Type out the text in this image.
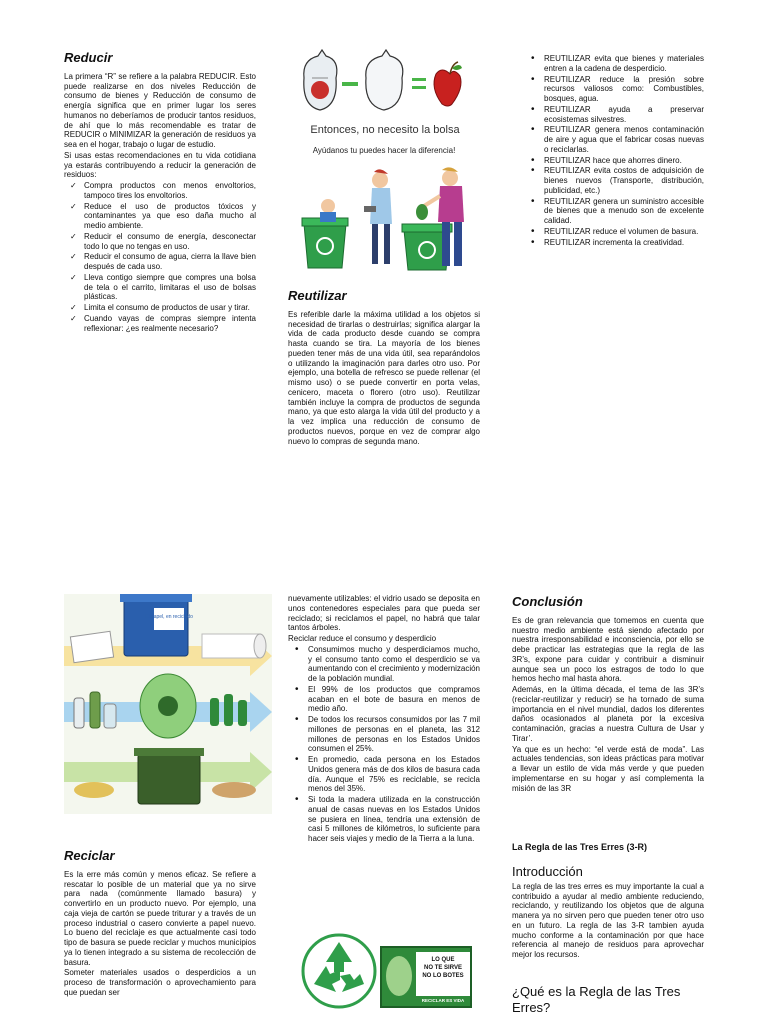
Reducir

La primera “R” se refiere a la palabra REDUCIR. Esto puede realizarse en dos niveles Reducción de consumo de bienes y Reducción de consumo de energía significa que en primer lugar los seres humanos no deberíamos de producir tantos residuos, de ahí que lo más recomendable es tratar de REDUCIR o MINIMIZAR la generación de residuos ya sea en el hogar, trabajo o lugar de estudio.

Si usas estas recomendaciones en tu vida cotidiana ya estarás contribuyendo a reducir la generación de residuos:

✓ Compra productos con menos envoltorios, tampoco tires los envoltorios.
✓ Reduce el uso de productos tóxicos y contaminantes ya que eso daña mucho al medio ambiente.
✓ Reducir el consumo de energía, desconectar todo lo que no tengas en uso.
✓ Reducir el consumo de agua, cierra la llave bien después de cada uso.
✓ Lleva contigo siempre que compres una bolsa de tela o el carrito, limitaras el uso de bolsas plásticas.
✓ Limita el consumo de productos de usar y tirar.
✓ Cuando vayas de compras siempre intenta reflexionar: ¿es realmente necesario?
Entonces, no necesito la bolsa
Ayúdanos tu puedes hacer la diferencia!
Reutilizar

Es referible darle la máxima utilidad a los objetos si necesidad de tirarlas o destruirlas; significa alargar la vida de cada producto desde cuando se compra hasta cuando se tira. La mayoría de los bienes pueden tener más de una vida útil, sea reparándolos o utilizando la imaginación para darles otro uso. Por ejemplo, una botella de refresco se puede rellenar (el mismo uso) o se puede convertir en porta velas, cenicero, maceta o florero (otro uso). Reutilizar también incluye la compra de productos de segunda mano, ya que esto alarga la vida útil del producto y a la vez implica una reducción de consumo de productos nuevos, porque en vez de comprar algo nuevo lo compras de segunda mano.

• REUTILIZAR evita que bienes y materiales entren a la cadena de desperdicio.
• REUTILIZAR reduce la presión sobre recursos valiosos como: Combustibles, bosques, agua.
• REUTILIZAR ayuda a preservar ecosistemas silvestres.
• REUTILIZAR genera menos contaminación de aire y agua que el fabricar cosas nuevas o reciclarlas.
• REUTILIZAR hace que ahorres dinero.
• REUTILIZAR evita costos de adquisición de bienes nuevos (Transporte, distribución, publicidad, etc.)
• REUTILIZAR genera un suministro accesible de bienes que a menudo son de excelente calidad.
• REUTILIZAR reduce el volumen de basura.
• REUTILIZAR incrementa la creatividad.
El papel, en reciclado
Reciclar

Es la erre más común y menos eficaz. Se refiere a rescatar lo posible de un material que ya no sirve para nada (comúnmente llamado basura) y convertirlo en un producto nuevo. Por ejemplo, una caja vieja de cartón se puede triturar y a través de un proceso industrial o casero convierte a papel nuevo. Lo bueno del reciclaje es que actualmente casi todo tipo de basura se puede reciclar y muchos municipios ya lo tienen integrado a su sistema de recolección de basura.

Someter materiales usados o desperdicios a un proceso de transformación o aprovechamiento para que puedan ser

nuevamente utilizables: el vidrio usado se deposita en unos contenedores especiales para que pueda ser reciclado; si reciclamos el papel, no habrá que talar tantos árboles.

Reciclar reduce el consumo y desperdicio

• Consumimos mucho y desperdiciamos mucho, y el consumo tanto como el desperdicio se va aumentando con el crecimiento y modernización de la población mundial.
• El 99% de los productos que compramos acaban en el bote de basura en menos de medio año.
• De todos los recursos consumidos por las 7 mil millones de personas en el planeta, las 312 millones de personas en los Estados Unidos consumen el 25%.
• En promedio, cada persona en los Estados Unidos genera más de dos kilos de basura cada día. Aunque el 75% es reciclable, se recicla menos del 35%.
• Si toda la madera utilizada en la construcción anual de casas nuevas en los Estados Unidos se pusiera en línea, tendría una extensión de casi 5 millones de kilómetros, lo suficiente para hacer seis viajes y medio de la Tierra a la luna.
LO QUE
NO TE SIRVE
NO LO BOTES
RECICLAR ES VIDA
Conclusión

Es de gran relevancia que tomemos en cuenta que nuestro medio ambiente está siendo afectado por nuestra irresponsabilidad e inconsciencia, por ello se debe practicar las estrategias que la regla de las 3R’s, expone para cuidar y contribuir a disminuir aunque sea un poco los estragos de todo lo que hemos hecho mal hasta ahora.

Además, en la última década, el tema de las 3R’s (reciclar-reutilizar y reducir) se ha tornado de suma importancia en el nivel mundial, dados los diferentes daños ocasionados al planeta por la excesiva contaminación, gracias a nuestra Cultura de Usar y Tirar’.

Ya que es un hecho: “el verde está de moda”. Las actuales tendencias, son ideas prácticas para motivar a llevar un estilo de vida más verde y que pueden implementarse en su hogar y así complementa la misión de las 3R

La Regla de las Tres Erres (3-R)
Introducción

La regla de las tres erres es muy importante la cual a contribuido a ayudar al medio ambiente reduciendo, reciclando, y reutilizando los objetos que de alguna manera ya no sirven pero que pueden tener otro uso en un futuro. La regla de las 3-R tambien ayuda mucho conforme a la contaminación por que hace referencia al manejo de residuos para aprovechar mejor los recursos.

¿Qué es la Regla de las Tres Erres?
